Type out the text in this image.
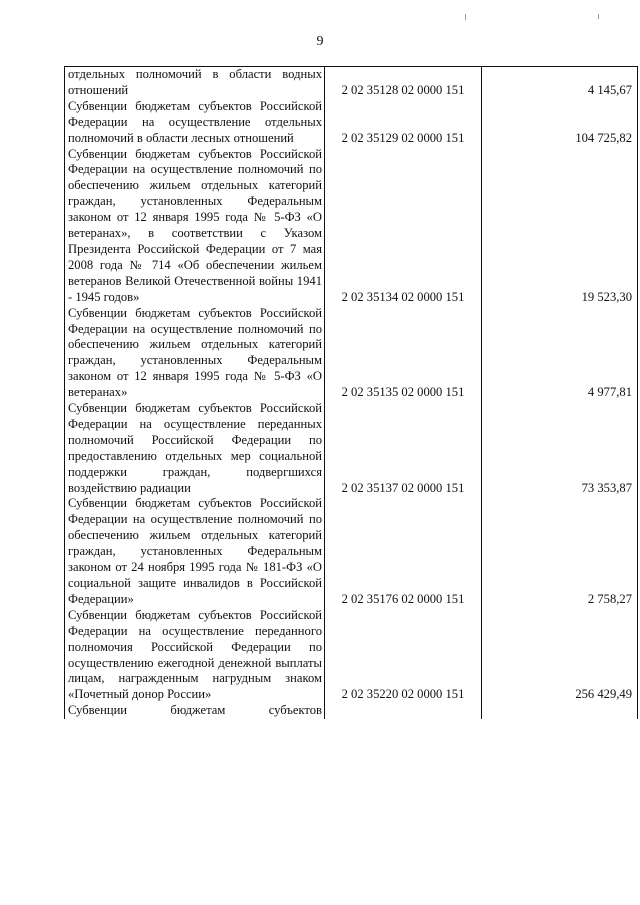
9
отдельных полномочий в области водных отношений	2 02 35128 02 0000 151	4 145,67

Субвенции бюджетам субъектов Российской Федерации на осуществление отдельных полномочий в области лесных отношений	2 02 35129 02 0000 151	104 725,82

Субвенции бюджетам субъектов Российской Федерации на осуществление полномочий по обеспечению жильем отдельных категорий граждан, установленных Федеральным законом от 12 января 1995 года № 5-ФЗ «О ветеранах», в соответствии с Указом Президента Российской Федерации от 7 мая 2008 года № 714 «Об обеспечении жильем ветеранов Великой Отечественной войны 1941 - 1945 годов»	2 02 35134 02 0000 151	19 523,30

Субвенции бюджетам субъектов Российской Федерации на осуществление полномочий по обеспечению жильем отдельных категорий граждан, установленных Федеральным законом от 12 января 1995 года № 5-ФЗ «О ветеранах»	2 02 35135 02 0000 151	4 977,81

Субвенции бюджетам субъектов Российской Федерации на осуществление переданных полномочий Российской Федерации по предоставлению отдельных мер социальной поддержки граждан, подвергшихся воздействию радиации	2 02 35137 02 0000 151	73 353,87

Субвенции бюджетам субъектов Российской Федерации на осуществление полномочий по обеспечению жильем отдельных категорий граждан, установленных Федеральным законом от 24 ноября 1995 года № 181-ФЗ «О социальной защите инвалидов в Российской Федерации»	2 02 35176 02 0000 151	2 758,27

Субвенции бюджетам субъектов Российской Федерации на осуществление переданного полномочия Российской Федерации по осуществлению ежегодной денежной выплаты лицам, награжденным нагрудным знаком «Почетный донор России»	2 02 35220 02 0000 151	256 429,49

Субвенции бюджетам субъектов		
